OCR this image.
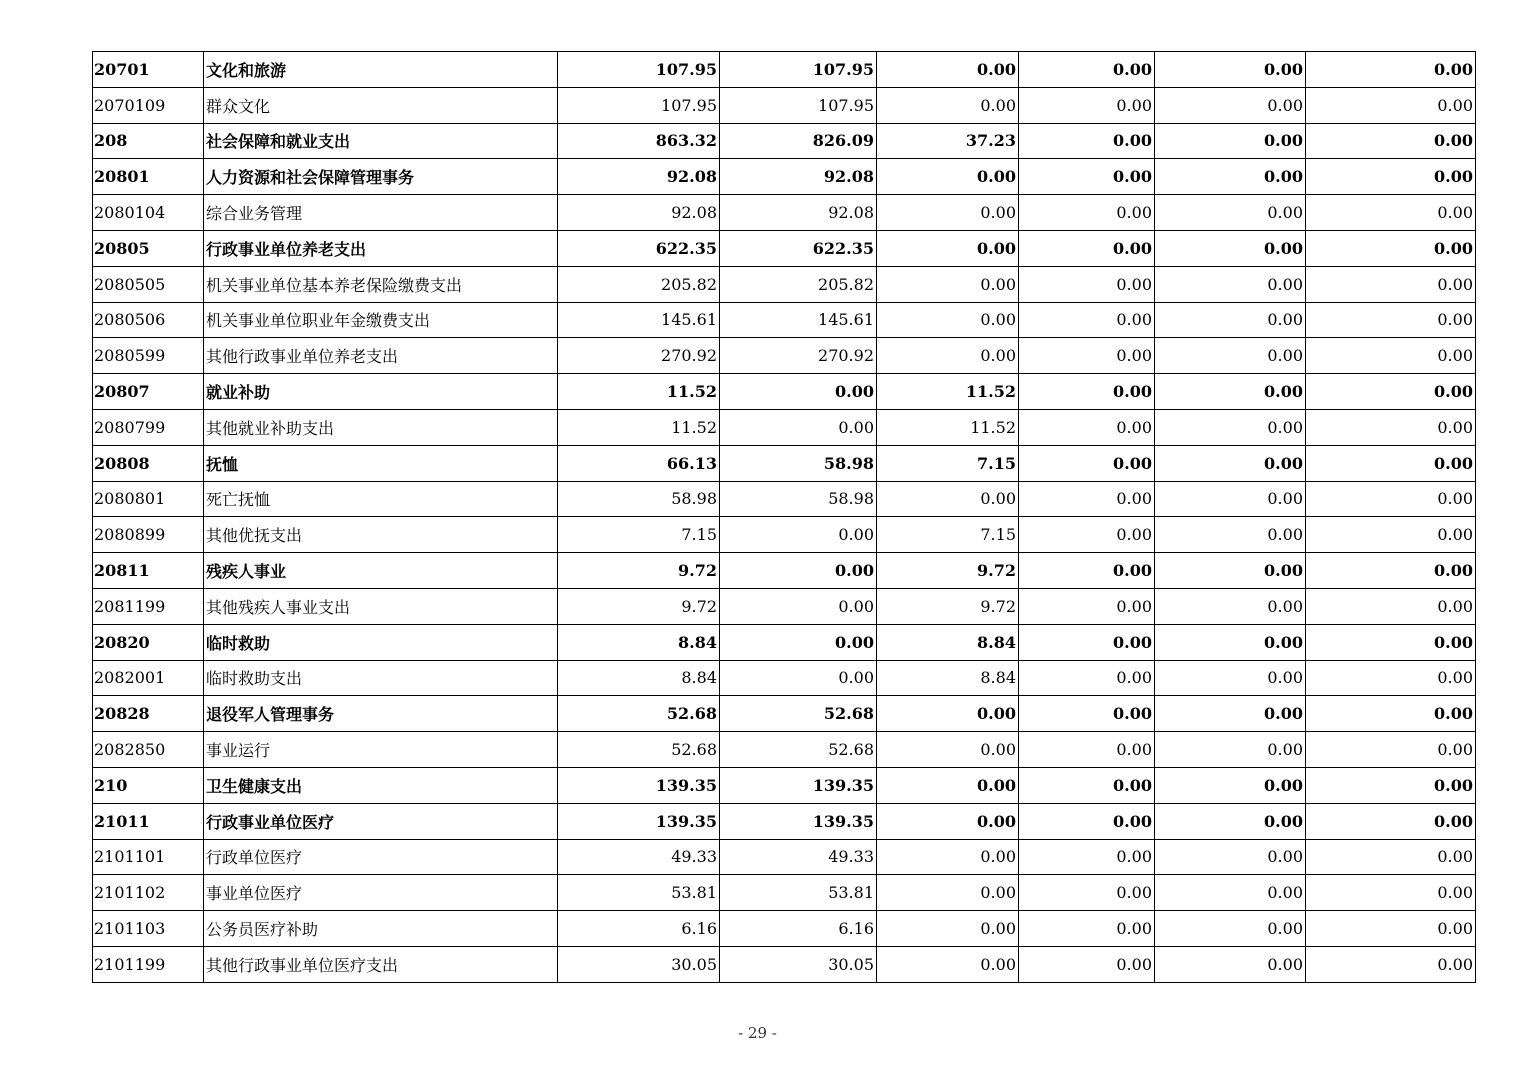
20701	文化和旅游	107.95	107.95	0.00	0.00	0.00	0.00
2070109	群众文化	107.95	107.95	0.00	0.00	0.00	0.00
208	社会保障和就业支出	863.32	826.09	37.23	0.00	0.00	0.00
20801	人力资源和社会保障管理事务	92.08	92.08	0.00	0.00	0.00	0.00
2080104	综合业务管理	92.08	92.08	0.00	0.00	0.00	0.00
20805	行政事业单位养老支出	622.35	622.35	0.00	0.00	0.00	0.00
2080505	机关事业单位基本养老保险缴费支出	205.82	205.82	0.00	0.00	0.00	0.00
2080506	机关事业单位职业年金缴费支出	145.61	145.61	0.00	0.00	0.00	0.00
2080599	其他行政事业单位养老支出	270.92	270.92	0.00	0.00	0.00	0.00
20807	就业补助	11.52	0.00	11.52	0.00	0.00	0.00
2080799	其他就业补助支出	11.52	0.00	11.52	0.00	0.00	0.00
20808	抚恤	66.13	58.98	7.15	0.00	0.00	0.00
2080801	死亡抚恤	58.98	58.98	0.00	0.00	0.00	0.00
2080899	其他优抚支出	7.15	0.00	7.15	0.00	0.00	0.00
20811	残疾人事业	9.72	0.00	9.72	0.00	0.00	0.00
2081199	其他残疾人事业支出	9.72	0.00	9.72	0.00	0.00	0.00
20820	临时救助	8.84	0.00	8.84	0.00	0.00	0.00
2082001	临时救助支出	8.84	0.00	8.84	0.00	0.00	0.00
20828	退役军人管理事务	52.68	52.68	0.00	0.00	0.00	0.00
2082850	事业运行	52.68	52.68	0.00	0.00	0.00	0.00
210	卫生健康支出	139.35	139.35	0.00	0.00	0.00	0.00
21011	行政事业单位医疗	139.35	139.35	0.00	0.00	0.00	0.00
2101101	行政单位医疗	49.33	49.33	0.00	0.00	0.00	0.00
2101102	事业单位医疗	53.81	53.81	0.00	0.00	0.00	0.00
2101103	公务员医疗补助	6.16	6.16	0.00	0.00	0.00	0.00
2101199	其他行政事业单位医疗支出	30.05	30.05	0.00	0.00	0.00	0.00
- 29 -
